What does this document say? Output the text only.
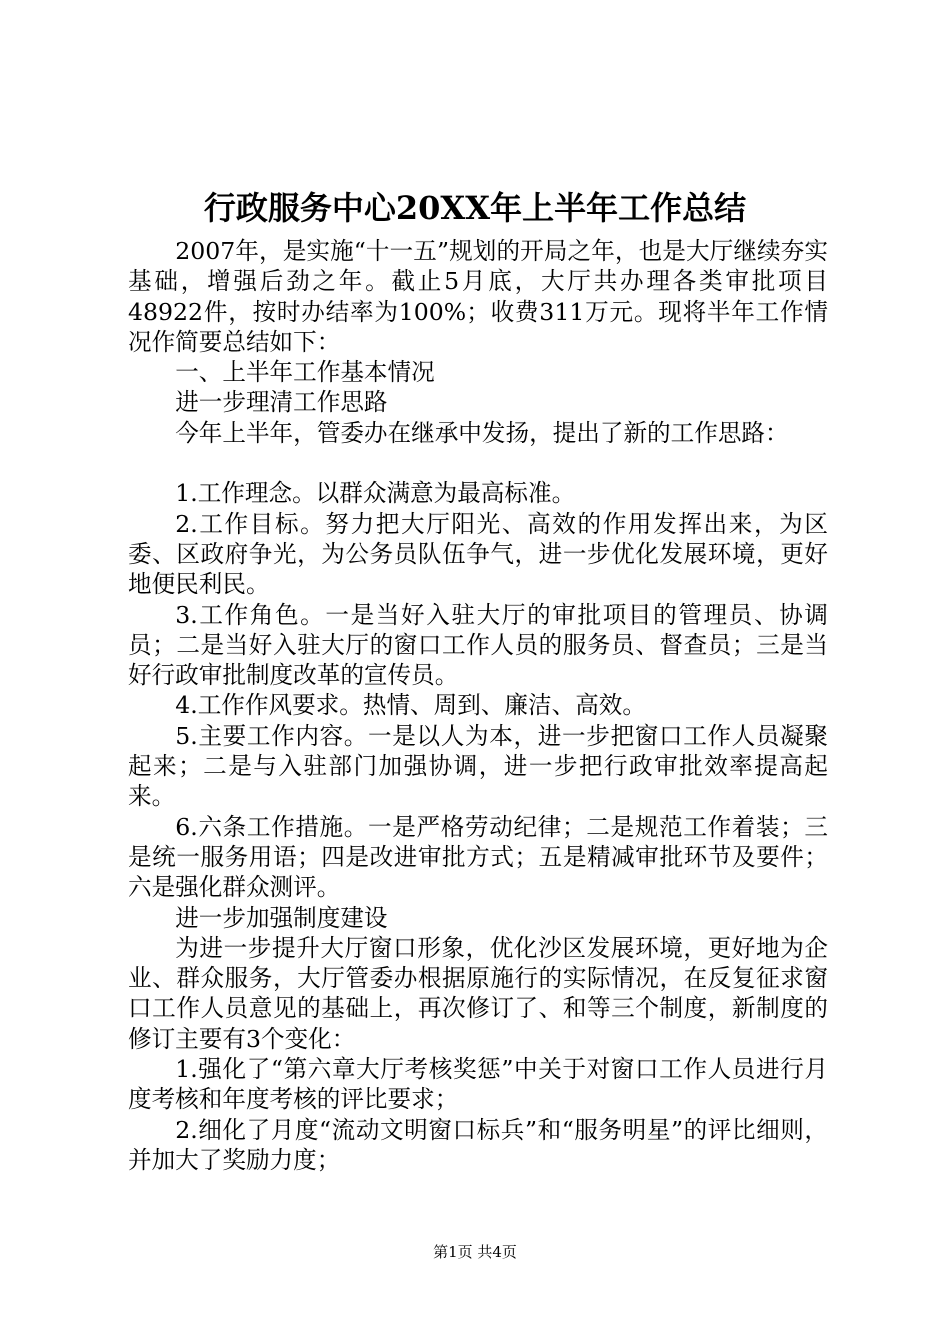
行政服务中心20XX年上半年工作总结

2007年，是实施“十一五”规划的开局之年，也是大厅继续夯实基础，增强后劲之年。截止5月底，大厅共办理各类审批项目48922件，按时办结率为100%；收费311万元。现将半年工作情况作简要总结如下：

一、上半年工作基本情况

进一步理清工作思路

今年上半年，管委办在继承中发扬，提出了新的工作思路：

1.工作理念。以群众满意为最高标准。

2.工作目标。努力把大厅阳光、高效的作用发挥出来，为区委、区政府争光，为公务员队伍争气，进一步优化发展环境，更好地便民利民。

3.工作角色。一是当好入驻大厅的审批项目的管理员、协调员；二是当好入驻大厅的窗口工作人员的服务员、督查员；三是当好行政审批制度改革的宣传员。

4.工作作风要求。热情、周到、廉洁、高效。

5.主要工作内容。一是以人为本，进一步把窗口工作人员凝聚起来；二是与入驻部门加强协调，进一步把行政审批效率提高起来。

6.六条工作措施。一是严格劳动纪律；二是规范工作着装；三是统一服务用语；四是改进审批方式；五是精减审批环节及要件；六是强化群众测评。

进一步加强制度建设

为进一步提升大厅窗口形象，优化沙区发展环境，更好地为企业、群众服务，大厅管委办根据原施行的实际情况，在反复征求窗口工作人员意见的基础上，再次修订了、和等三个制度，新制度的修订主要有3个变化：

1.强化了“第六章大厅考核奖惩”中关于对窗口工作人员进行月度考核和年度考核的评比要求；

2.细化了月度“流动文明窗口标兵”和“服务明星”的评比细则，并加大了奖励力度；

第1页 共4页
